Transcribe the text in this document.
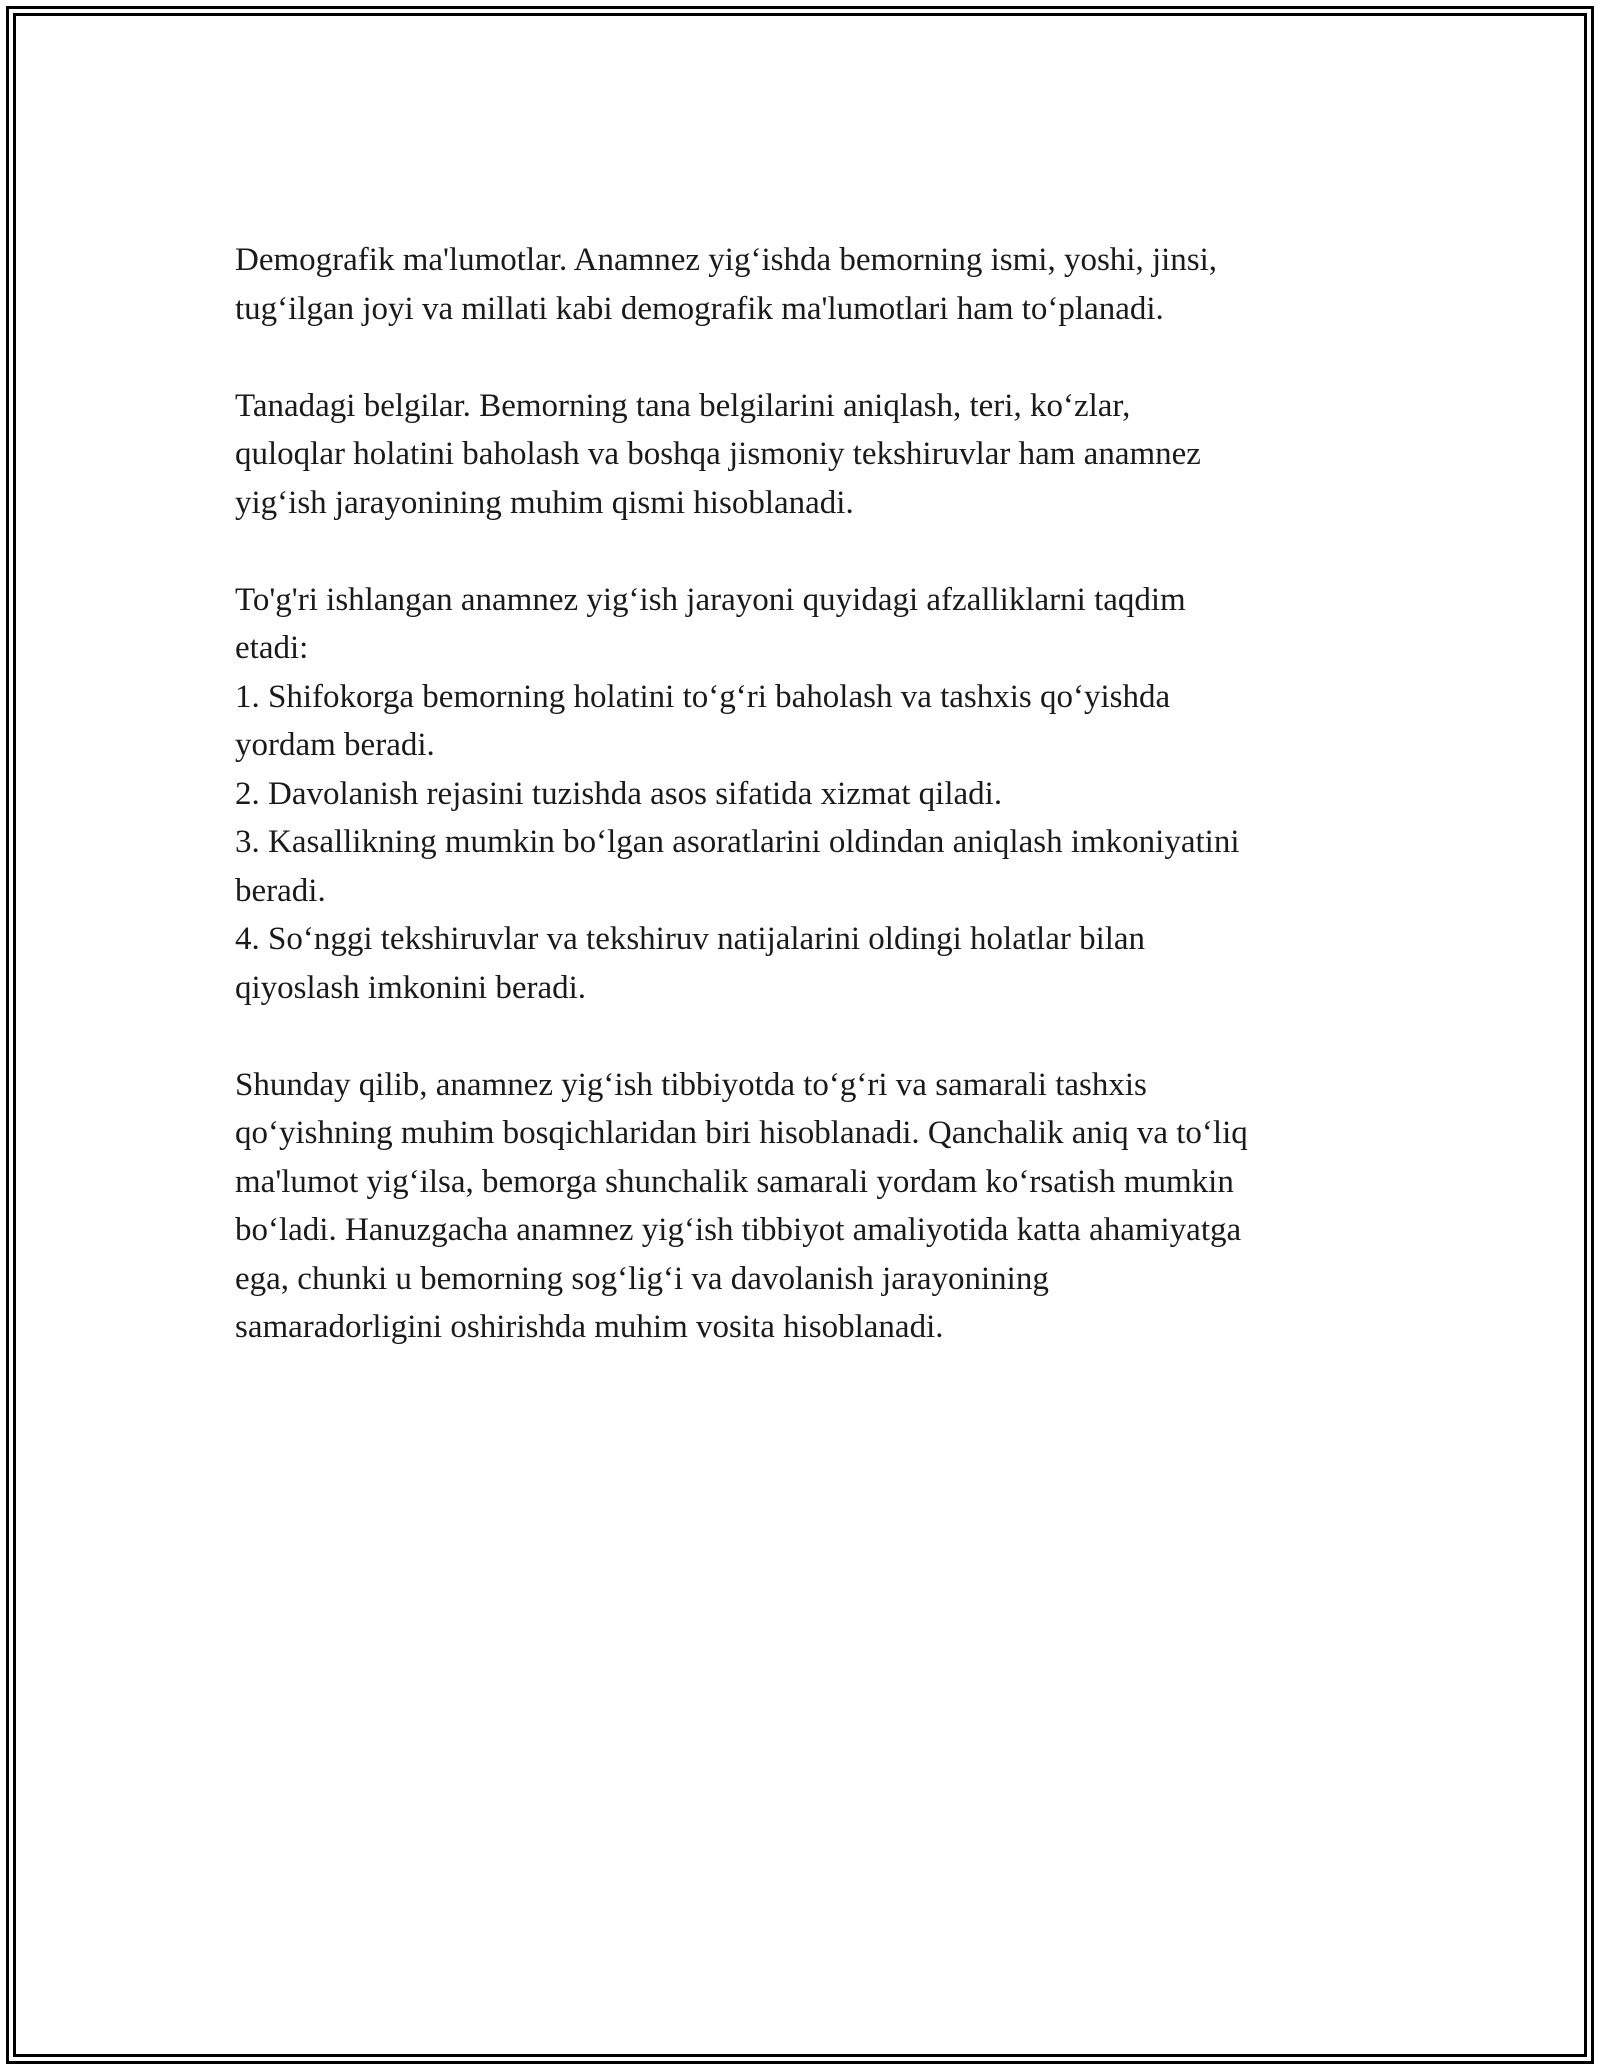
Demografik ma'lumotlar. Anamnez yig‘ishda bemorning ismi, yoshi, jinsi,
tug‘ilgan joyi va millati kabi demografik ma'lumotlari ham to‘planadi.

Tanadagi belgilar. Bemorning tana belgilarini aniqlash, teri, ko‘zlar,
quloqlar holatini baholash va boshqa jismoniy tekshiruvlar ham anamnez
yig‘ish jarayonining muhim qismi hisoblanadi.

To'g'ri ishlangan anamnez yig‘ish jarayoni quyidagi afzalliklarni taqdim
etadi:
1. Shifokorga bemorning holatini to‘g‘ri baholash va tashxis qo‘yishda
yordam beradi.
2. Davolanish rejasini tuzishda asos sifatida xizmat qiladi.
3. Kasallikning mumkin bo‘lgan asoratlarini oldindan aniqlash imkoniyatini
beradi.
4. So‘nggi tekshiruvlar va tekshiruv natijalarini oldingi holatlar bilan
qiyoslash imkonini beradi.

Shunday qilib, anamnez yig‘ish tibbiyotda to‘g‘ri va samarali tashxis
qo‘yishning muhim bosqichlaridan biri hisoblanadi. Qanchalik aniq va to‘liq
ma'lumot yig‘ilsa, bemorga shunchalik samarali yordam ko‘rsatish mumkin
bo‘ladi. Hanuzgacha anamnez yig‘ish tibbiyot amaliyotida katta ahamiyatga
ega, chunki u bemorning sog‘lig‘i va davolanish jarayonining
samaradorligini oshirishda muhim vosita hisoblanadi.
